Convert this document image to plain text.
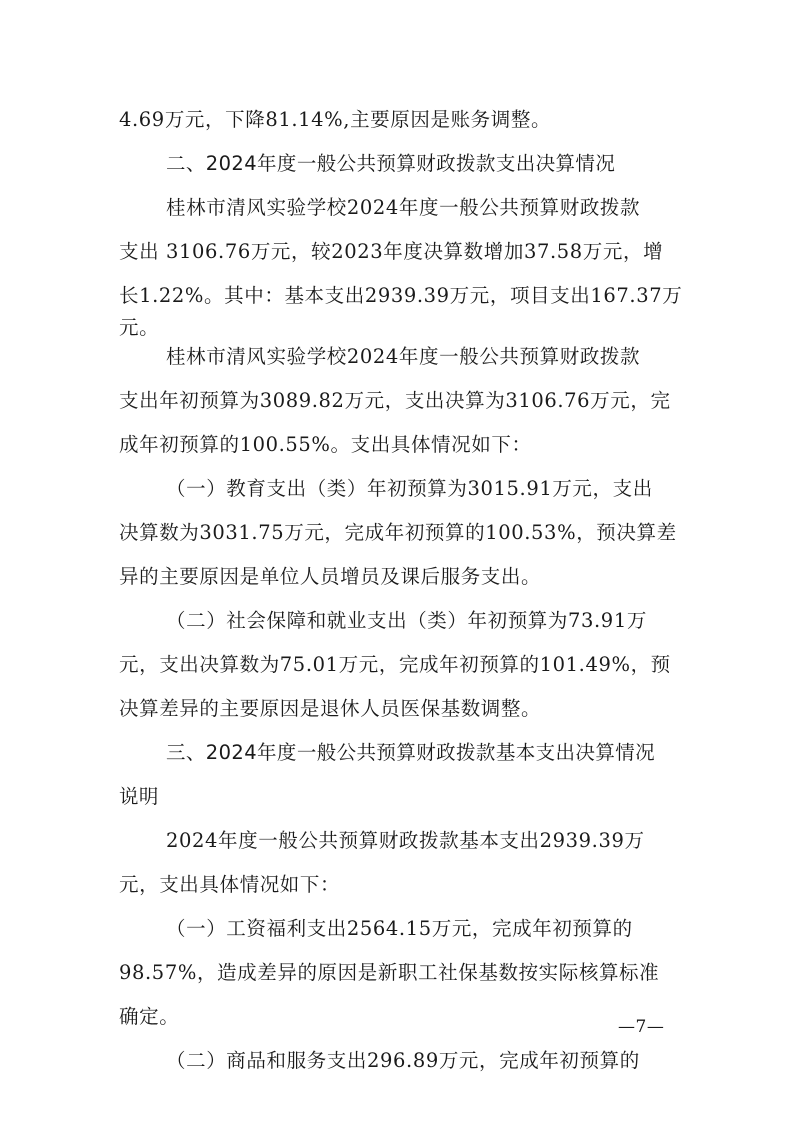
4.69万元，下降81.14%,主要原因是账务调整。
二、2024年度一般公共预算财政拨款支出决算情况
桂林市清风实验学校2024年度一般公共预算财政拨款
支出 3106.76万元，较2023年度决算数增加37.58万元，增
长1.22%。其中：基本支出2939.39万元，项目支出167.37万
元。
桂林市清风实验学校2024年度一般公共预算财政拨款
支出年初预算为3089.82万元，支出决算为3106.76万元，完
成年初预算的100.55%。支出具体情况如下：
（一）教育支出（类）年初预算为3015.91万元，支出
决算数为3031.75万元，完成年初预算的100.53%，预决算差
异的主要原因是单位人员增员及课后服务支出。
（二）社会保障和就业支出（类）年初预算为73.91万
元，支出决算数为75.01万元，完成年初预算的101.49%，预
决算差异的主要原因是退休人员医保基数调整。
三、2024年度一般公共预算财政拨款基本支出决算情况
说明
2024年度一般公共预算财政拨款基本支出2939.39万
元，支出具体情况如下：
（一）工资福利支出2564.15万元，完成年初预算的
98.57%，造成差异的原因是新职工社保基数按实际核算标准
确定。
（二）商品和服务支出296.89万元，完成年初预算的
—7—
